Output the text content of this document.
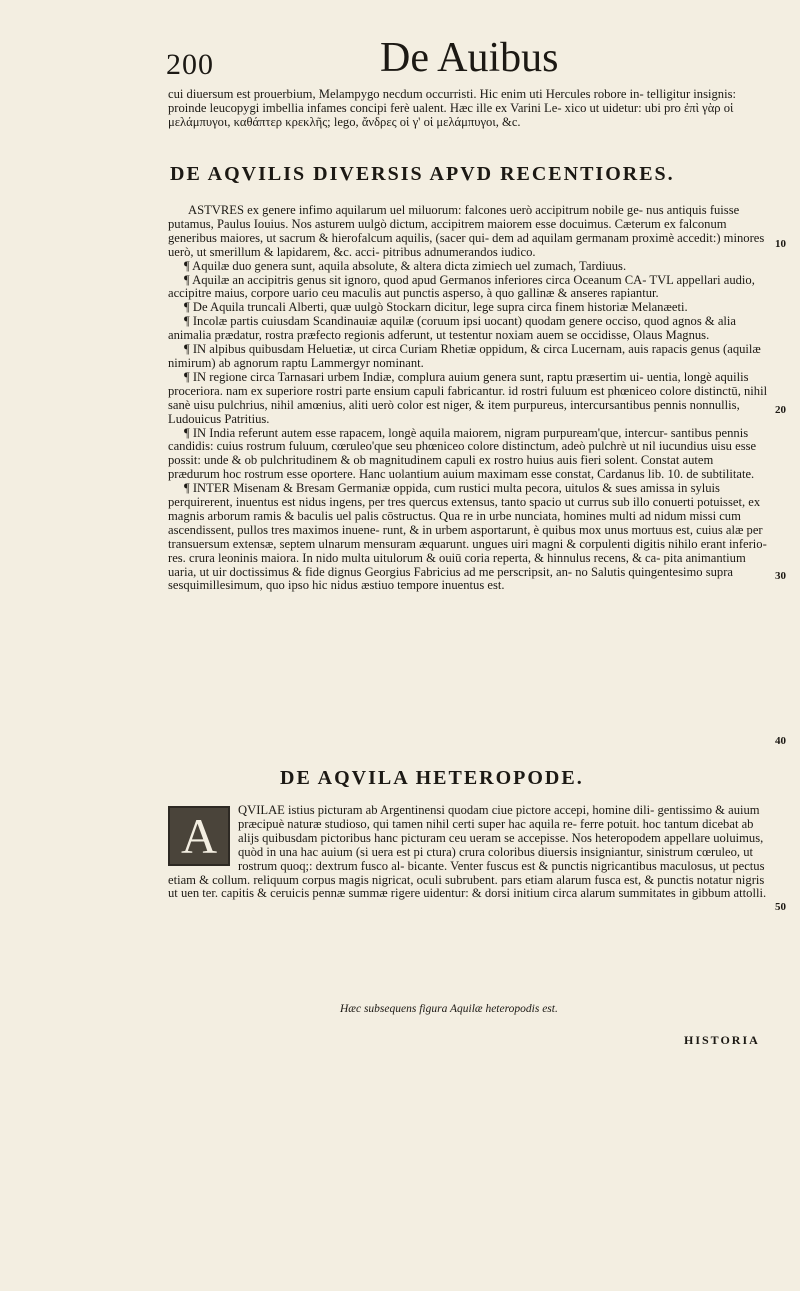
200	De Auibus

cui diuersum est prouerbium, Melampygo necdum occurristi. Hic enim uti Hercules robore in- telligitur insignis: proinde leucopygi imbellia infames concipi ferè ualent. Hæc ille ex Varini Le- xico ut uidetur: ubi pro ἐπὶ γὰρ οἱ μελάμπυγοι, καθάπτερ κρεκλῆς; lego, ἄνδρες οἱ γ' οἱ μελάμπυγοι, &c.

DE AQVILIS DIVERSIS APVD RECENTIORES.

ASTVRES ex genere infimo aquilarum uel miluorum: falcones uerò accipitrum nobile ge- nus antiquis fuisse putamus, Paulus Iouius. Nos asturem uulgò dictum, accipitrem maiorem esse docuimus. Cæterum ex falconum generibus maiores, ut sacrum & hierofalcum aquilis, (sacer qui- dem ad aquilam germanam proximè accedit:) minores uerò, ut smerillum & lapidarem, &c. acci- pitribus adnumerandos iudico.

¶ Aquilæ duo genera sunt, aquila absolute, & altera dicta zimiech uel zumach, Tardiuus.

¶ Aquilæ an accipitris genus sit ignoro, quod apud Germanos inferiores circa Oceanum CA- TVL appellari audio, accipitre maius, corpore uario ceu maculis aut punctis asperso, à quo gallinæ & anseres rapiantur.

¶ De Aquila truncali Alberti, quæ uulgò Stockarn dicitur, lege supra circa finem historiæ Melanæeti.

¶ Incolæ partis cuiusdam Scandinauiæ aquilæ (coruum ipsi uocant) quodam genere occiso, quod agnos & alia animalia prædatur, rostra præfecto regionis adferunt, ut testentur noxiam auem se occidisse, Olaus Magnus.

¶ IN alpibus quibusdam Heluetiæ, ut circa Curiam Rhetiæ oppidum, & circa Lucernam, auis rapacis genus (aquilæ nimirum) ab agnorum raptu Lammergyr nominant.

¶ IN regione circa Tarnasari urbem Indiæ, complura auium genera sunt, raptu præsertim ui- uentia, longè aquilis proceriora. nam ex superiore rostri parte ensium capuli fabricantur. id rostri fuluum est phœniceo colore distinctū, nihil sanè uisu pulchrius, nihil amœnius, aliti uerò color est niger, & item purpureus, intercursantibus pennis nonnullis, Ludouicus Patritius.

¶ IN India referunt autem esse rapacem, longè aquila maiorem, nigram purpuream'que, intercur- santibus pennis candidis: cuius rostrum fuluum, cœruleo'que seu phœniceo colore distinctum, adeò pulchrè ut nil iucundius uisu esse possit: unde & ob pulchritudinem & ob magnitudinem capuli ex rostro huius auis fieri solent. Constat autem prædurum hoc rostrum esse oportere. Hanc uolantium auium maximam esse constat, Cardanus lib. 10. de subtilitate.

¶ INTER Misenam & Bresam Germaniæ oppida, cum rustici multa pecora, uitulos & sues amissa in syluis perquirerent, inuentus est nidus ingens, per tres quercus extensus, tanto spacio ut currus sub illo conuerti potuisset, ex magnis arborum ramis & baculis uel palis cōstructus. Qua re in urbe nunciata, homines multi ad nidum missi cum ascendissent, pullos tres maximos inuene- runt, & in urbem asportarunt, è quibus mox unus mortuus est, cuius alæ per transuersum extensæ, septem ulnarum mensuram æquarunt. ungues uiri magni & corpulenti digitis nihilo erant inferio- res. crura leoninis maiora. In nido multa uitulorum & ouiū coria reperta, & hinnulus recens, & ca- pita animantium uaria, ut uir doctissimus & fide dignus Georgius Fabricius ad me perscripsit, an- no Salutis quingentesimo supra sesquimillesimum, quo ipso hic nidus æstiuo tempore inuentus est.

DE AQVILA HETEROPODE.
A	QVILAE istius picturam ab Argentinensi quodam ciue pictore accepi, homine dili- gentissimo & auium præcipuè naturæ studioso, qui tamen nihil certi super hac aquila re- ferre potuit. hoc tantum dicebat ab alijs quibusdam pictoribus hanc picturam ceu ueram se accepisse. Nos heteropodem appellare uoluimus, quòd in una hac auium (si uera est pi ctura) crura coloribus diuersis insigniantur, sinistrum cœruleo, ut rostrum quoq;: dextrum fusco al- bicante. Venter fuscus est & punctis nigricantibus maculosus, ut pectus etiam & collum. reliquum corpus magis nigricat, oculi subrubent. pars etiam alarum fusca est, & punctis notatur nigris ut uen ter. capitis & ceruicis pennæ summæ rigere uidentur: & dorsi initium circa alarum summitates in gibbum attolli.

Hæc subsequens figura Aquilæ heteropodis est.
HISTORIA
10
20
30
40
50
